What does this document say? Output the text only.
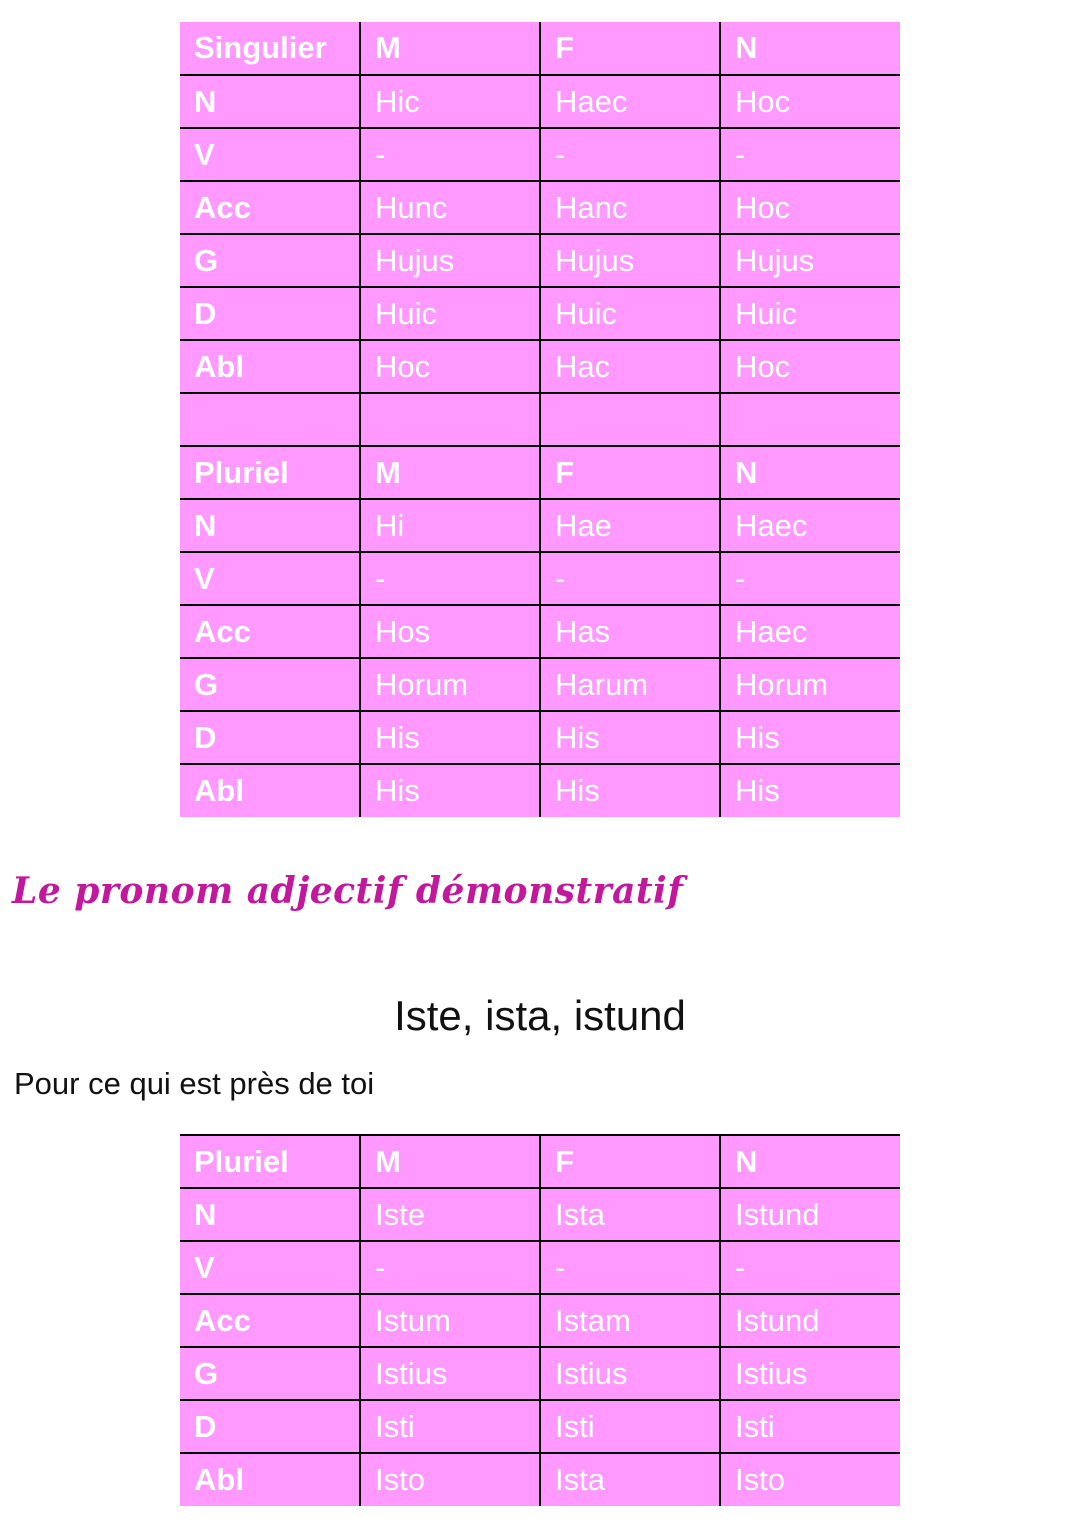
Singulier	M	F	N
N	Hic	Haec	Hoc
V	-	-	-
Acc	Hunc	Hanc	Hoc
G	Hujus	Hujus	Hujus
D	Huic	Huic	Huic
Abl	Hoc	Hac	Hoc

Pluriel	M	F	N
N	Hi	Hae	Haec
V	-	-	-
Acc	Hos	Has	Haec
G	Horum	Harum	Horum
D	His	His	His
Abl	His	His	His
Le pronom adjectif démonstratif
Iste, ista, istund
Pour ce qui est près de toi
Pluriel	M	F	N
N	Iste	Ista	Istund
V	-	-	-
Acc	Istum	Istam	Istund
G	Istius	Istius	Istius
D	Isti	Isti	Isti
Abl	Isto	Ista	Isto
